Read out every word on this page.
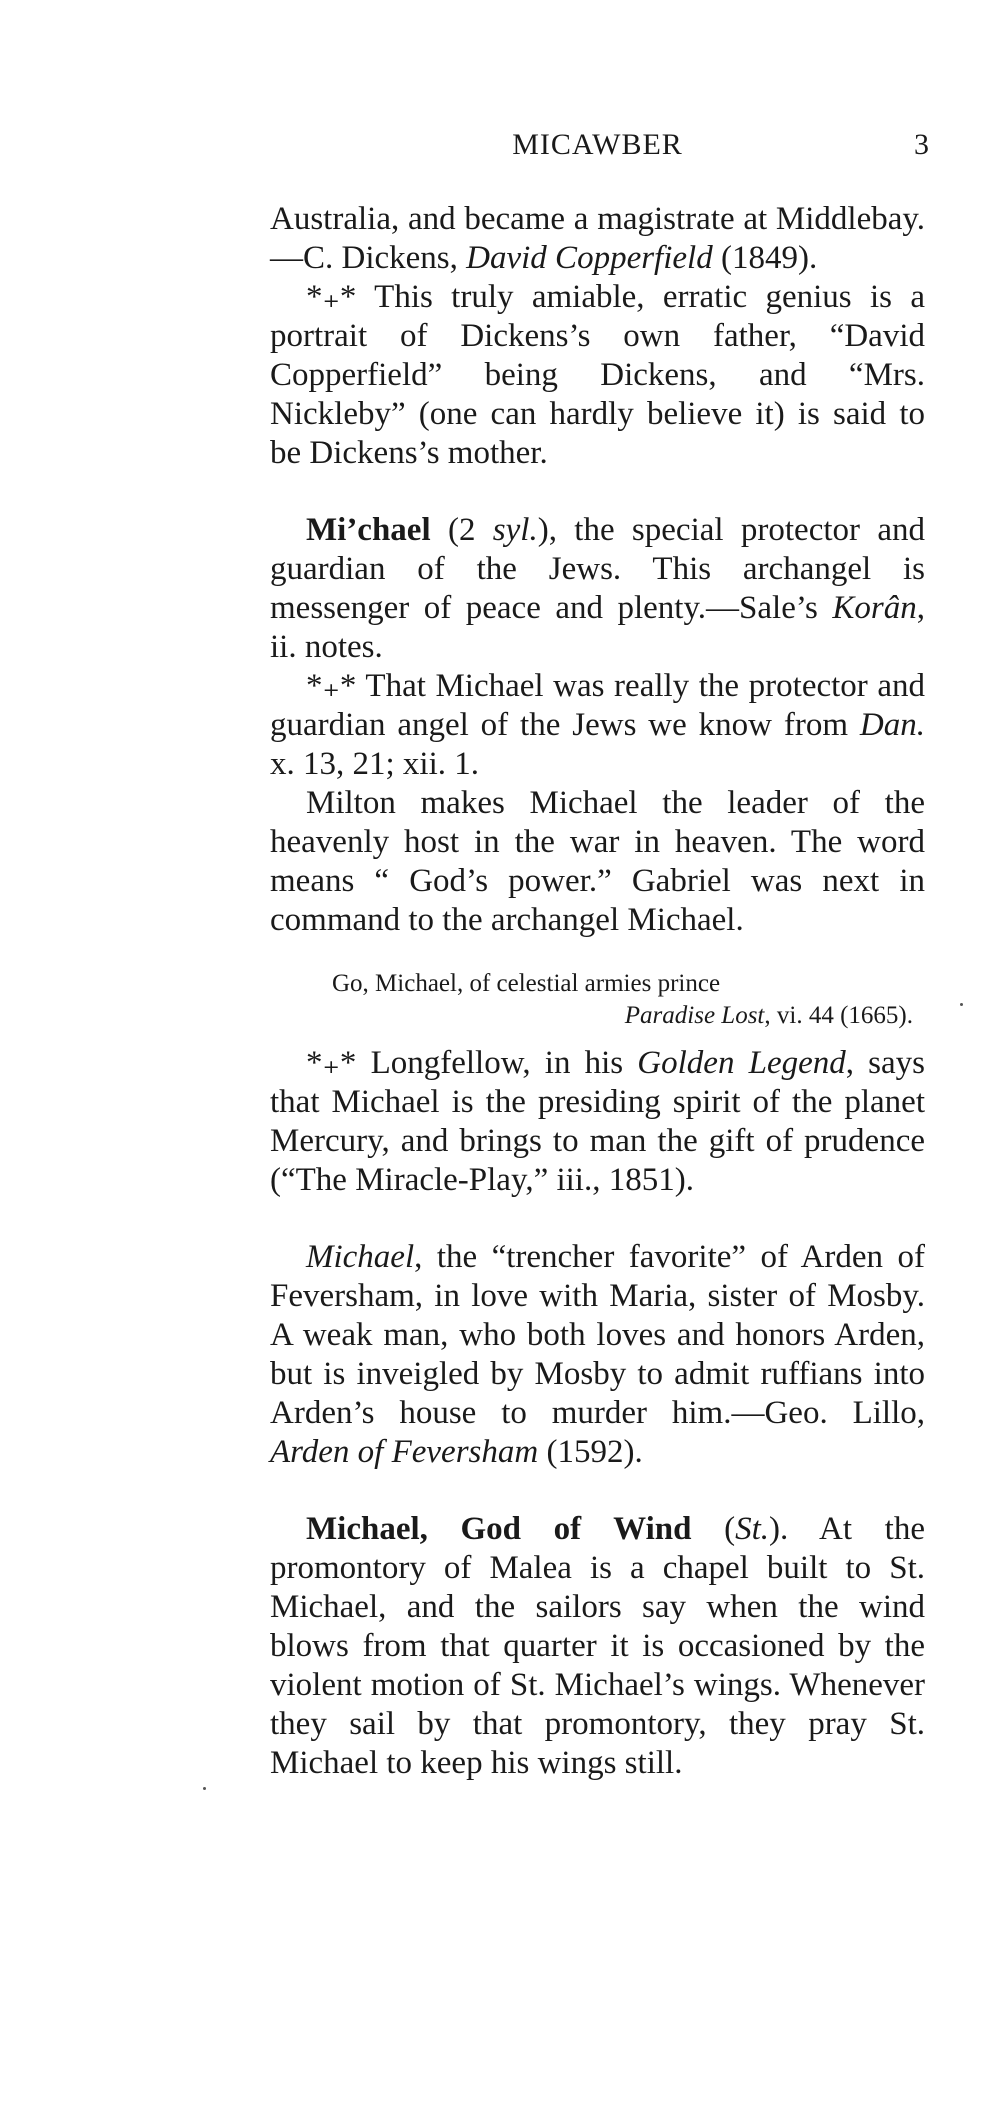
MICAWBER	3

Australia, and became a magistrate at Middlebay.—C. Dickens, David Copperfield (1849).

*₊* This truly amiable, erratic genius is a portrait of Dickens’s own father, “David Copperfield” being Dickens, and “Mrs. Nickleby” (one can hardly believe it) is said to be Dickens’s mother.

Mi’chael (2 syl.), the special protector and guardian of the Jews. This archangel is messenger of peace and plenty.—Sale’s Korân, ii. notes.

*₊* That Michael was really the protector and guardian angel of the Jews we know from Dan. x. 13, 21; xii. 1.

Milton makes Michael the leader of the heavenly host in the war in heaven. The word means “ God’s power.” Gabriel was next in command to the archangel Michael.

Go, Michael, of celestial armies prince

Paradise Lost, vi. 44 (1665).

*₊* Longfellow, in his Golden Legend, says that Michael is the presiding spirit of the planet Mercury, and brings to man the gift of prudence (“The Miracle-Play,” iii., 1851).

Michael, the “trencher favorite” of Arden of Feversham, in love with Maria, sister of Mosby. A weak man, who both loves and honors Arden, but is inveigled by Mosby to admit ruffians into Arden’s house to murder him.—Geo. Lillo, Arden of Feversham (1592).

Michael, God of Wind (St.). At the promontory of Malea is a chapel built to St. Michael, and the sailors say when the wind blows from that quarter it is occasioned by the violent motion of St. Michael’s wings. Whenever they sail by that promontory, they pray St. Michael to keep his wings still.
